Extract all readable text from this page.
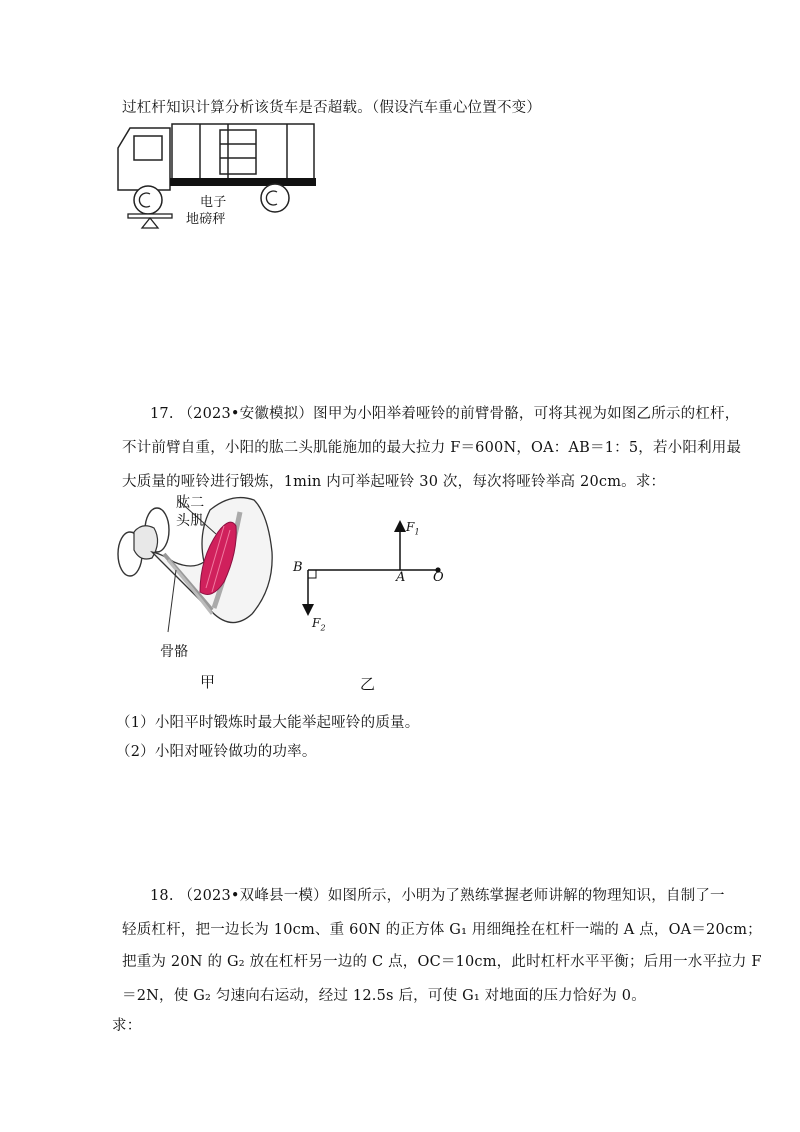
过杠杆知识计算分析该货车是否超载。（假设汽车重心位置不变）
电子
地磅秤
17. （2023•安徽模拟）图甲为小阳举着哑铃的前臂骨骼，可将其视为如图乙所示的杠杆，
不计前臂自重，小阳的肱二头肌能施加的最大拉力 F＝600N，OA：AB＝1：5，若小阳利用最
大质量的哑铃进行锻炼，1min 内可举起哑铃 30 次，每次将哑铃举高 20cm。求：
肱二
头肌
骨骼
B
A O
$F_1$
$F_2$
甲	乙
（1）小阳平时锻炼时最大能举起哑铃的质量。
（2）小阳对哑铃做功的功率。
18. （2023•双峰县一模）如图所示，小明为了熟练掌握老师讲解的物理知识，自制了一
轻质杠杆，把一边长为 10cm、重 60N 的正方体 G₁ 用细绳拴在杠杆一端的 A 点，OA＝20cm；
把重为 20N 的 G₂ 放在杠杆另一边的 C 点，OC＝10cm，此时杠杆水平平衡；后用一水平拉力 F
＝2N，使 G₂ 匀速向右运动，经过 12.5s 后，可使 G₁ 对地面的压力恰好为 0。
求：
